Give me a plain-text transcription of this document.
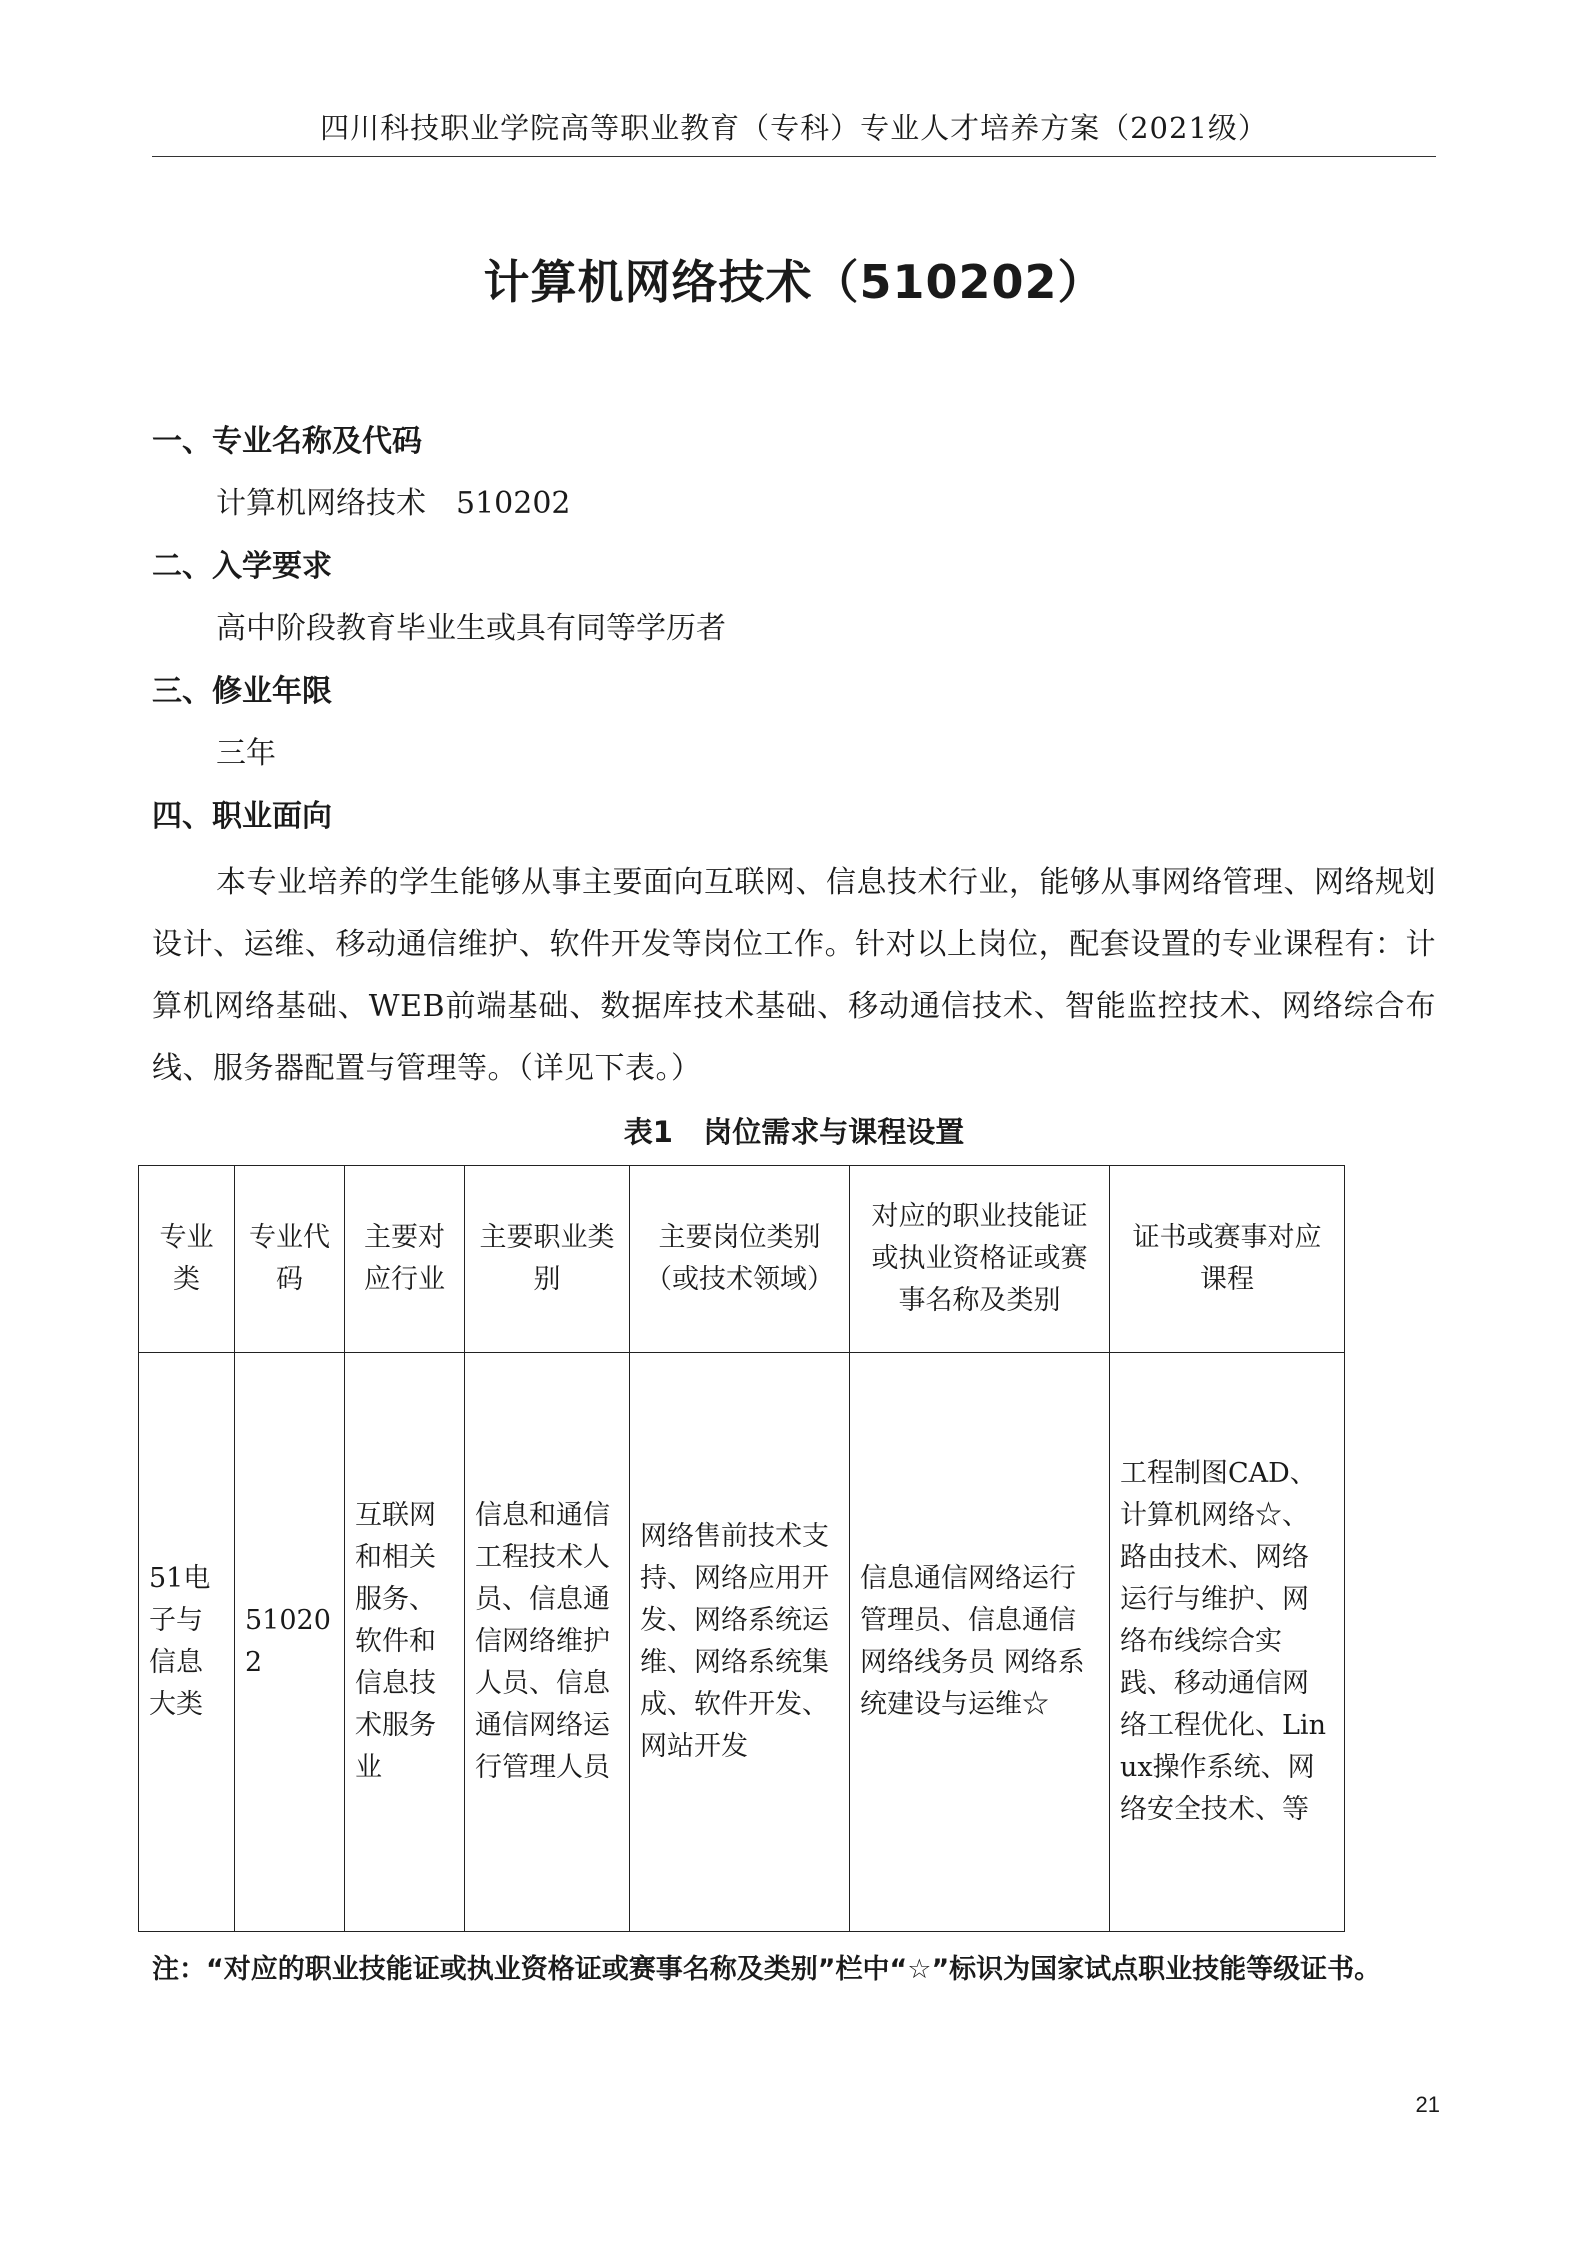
四川科技职业学院高等职业教育（专科）专业人才培养方案（2021级）
计算机网络技术（510202）
一、专业名称及代码
计算机网络技术　510202
二、入学要求
高中阶段教育毕业生或具有同等学历者
三、修业年限
三年
四、职业面向
本专业培养的学生能够从事主要面向互联网、信息技术行业，能够从事网络管理、网络规划设计、运维、移动通信维护、软件开发等岗位工作。针对以上岗位，配套设置的专业课程有：计算机网络基础、WEB前端基础、数据库技术基础、移动通信技术、智能监控技术、网络综合布线、服务器配置与管理等。（详见下表。）
表1 岗位需求与课程设置
专业类	专业代码	主要对应行业	主要职业类别	主要岗位类别（或技术领域）	对应的职业技能证或执业资格证或赛事名称及类别	证书或赛事对应课程
51电子与信息大类	510202	互联网和相关服务、软件和信息技术服务业	信息和通信工程技术人员、信息通信网络维护人员、信息通信网络运行管理人员	网络售前技术支持、网络应用开发、网络系统运维、网络系统集成、软件开发、网站开发	信息通信网络运行管理员、信息通信网络线务员 网络系统建设与运维☆	工程制图CAD、计算机网络☆、路由技术、网络运行与维护、网络布线综合实践、移动通信网络工程优化、Linux操作系统、网络安全技术、等
注：“对应的职业技能证或执业资格证或赛事名称及类别”栏中“☆”标识为国家试点职业技能等级证书。
21
